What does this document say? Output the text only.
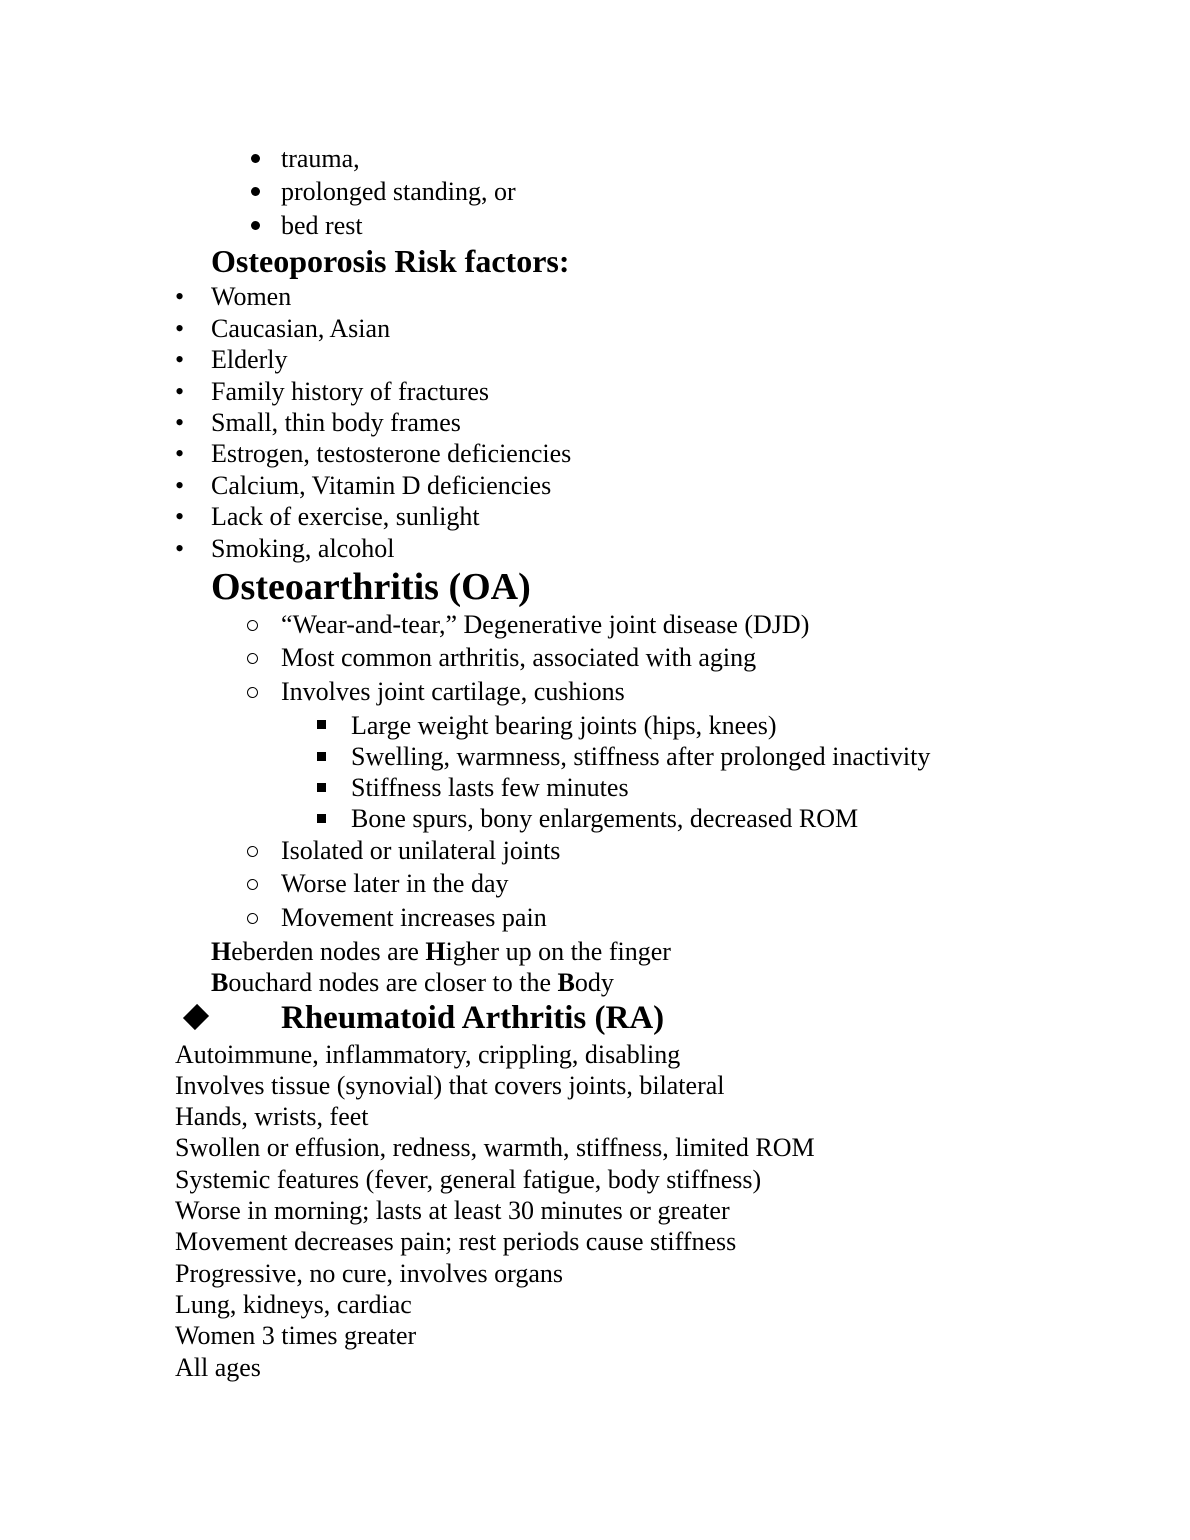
trauma,
prolonged standing, or
bed rest
Osteoporosis Risk factors:
• Women
• Caucasian, Asian
• Elderly
• Family history of fractures
• Small, thin body frames
• Estrogen, testosterone deficiencies
• Calcium, Vitamin D deficiencies
• Lack of exercise, sunlight
• Smoking, alcohol
Osteoarthritis (OA)
“Wear-and-tear,” Degenerative joint disease (DJD)
Most common arthritis, associated with aging
Involves joint cartilage, cushions
Large weight bearing joints (hips, knees)
Swelling, warmness, stiffness after prolonged inactivity
Stiffness lasts few minutes
Bone spurs, bony enlargements, decreased ROM
Isolated or unilateral joints
Worse later in the day
Movement increases pain
Heberden nodes are Higher up on the finger
Bouchard nodes are closer to the Body
Rheumatoid Arthritis (RA)
Autoimmune, inflammatory, crippling, disabling
Involves tissue (synovial) that covers joints, bilateral
Hands, wrists, feet
Swollen or effusion, redness, warmth, stiffness, limited ROM
Systemic features (fever, general fatigue, body stiffness)
Worse in morning; lasts at least 30 minutes or greater
Movement decreases pain; rest periods cause stiffness
Progressive, no cure, involves organs
Lung, kidneys, cardiac
Women 3 times greater
All ages
